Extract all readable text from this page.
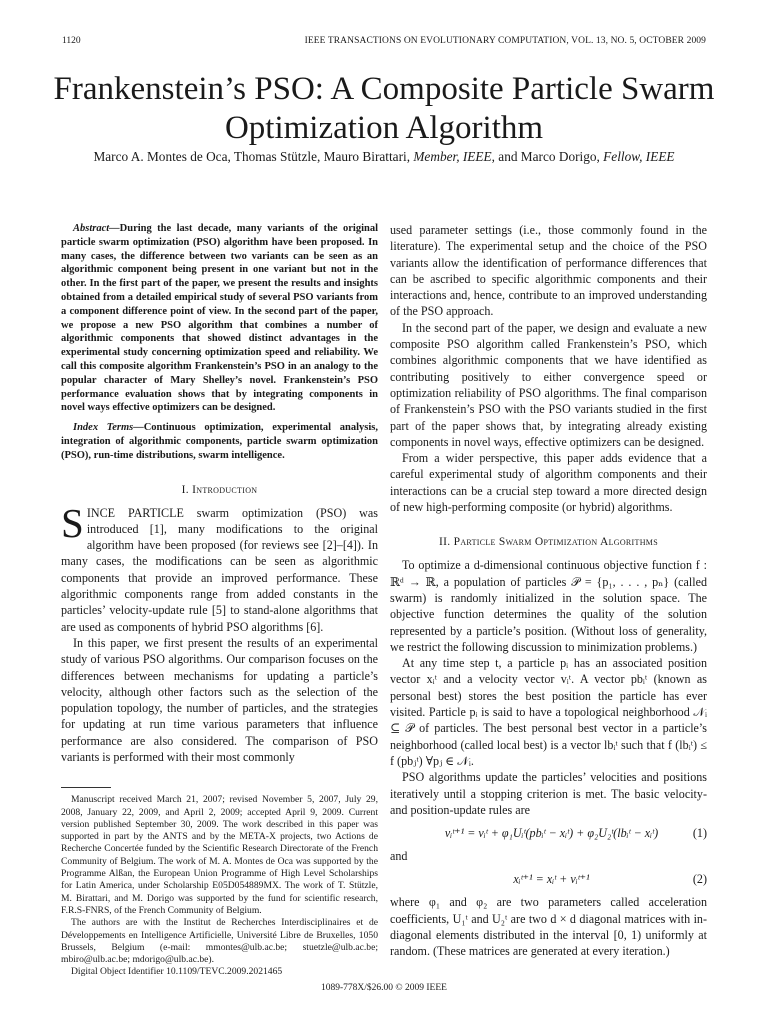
1120	IEEE TRANSACTIONS ON EVOLUTIONARY COMPUTATION, VOL. 13, NO. 5, OCTOBER 2009
Frankenstein’s PSO: A Composite Particle Swarm
Optimization Algorithm
Marco A. Montes de Oca, Thomas Stützle, Mauro Birattari, Member, IEEE, and Marco Dorigo, Fellow, IEEE

Abstract—During the last decade, many variants of the original particle swarm optimization (PSO) algorithm have been proposed. In many cases, the difference between two variants can be seen as an algorithmic component being present in one variant but not in the other. In the first part of the paper, we present the results and insights obtained from a detailed empirical study of several PSO variants from a component difference point of view. In the second part of the paper, we propose a new PSO algorithm that combines a number of algorithmic components that showed distinct advantages in the experimental study concerning optimization speed and reliability. We call this composite algorithm Frankenstein’s PSO in an analogy to the popular character of Mary Shelley’s novel. Frankenstein’s PSO performance evaluation shows that by integrating components in novel ways effective optimizers can be designed.

Index Terms—Continuous optimization, experimental analysis, integration of algorithmic components, particle swarm optimization (PSO), run-time distributions, swarm intelligence.

I. Introduction

SINCE PARTICLE swarm optimization (PSO) was introduced [1], many modifications to the original algorithm have been proposed (for reviews see [2]–[4]). In many cases, the modifications can be seen as algorithmic components that provide an improved performance. These algorithmic components range from added constants in the particles’ velocity-update rule [5] to stand-alone algorithms that are used as components of hybrid PSO algorithms [6].

In this paper, we first present the results of an experimental study of various PSO algorithms. Our comparison focuses on the differences between mechanisms for updating a particle’s velocity, although other factors such as the selection of the population topology, the number of particles, and the strategies for updating at run time various parameters that influence performance are also considered. The comparison of PSO variants is performed with their most commonly

Manuscript received March 21, 2007; revised November 5, 2007, July 29, 2008, January 22, 2009, and April 2, 2009; accepted April 9, 2009. Current version published September 30, 2009. The work described in this paper was supported in part by the ANTS and by the META-X projects, two Actions de Recherche Concertée funded by the Scientific Research Directorate of the French Community of Belgium. The work of M. A. Montes de Oca was supported by the Programme Alßan, the European Union Programme of High Level Scholarships for Latin America, under Scholarship E05D054889MX. The work of T. Stützle, M. Birattari, and M. Dorigo was supported by the fund for scientific research, F.R.S-FNRS, of the French Community of Belgium.

The authors are with the Institut de Recherches Interdisciplinaires et de Développements en Intelligence Artificielle, Université Libre de Bruxelles, 1050 Brussels, Belgium (e-mail: mmontes@ulb.ac.be; stuetzle@ulb.ac.be; mbiro@ulb.ac.be; mdorigo@ulb.ac.be).

Digital Object Identifier 10.1109/TEVC.2009.2021465

used parameter settings (i.e., those commonly found in the literature). The experimental setup and the choice of the PSO variants allow the identification of performance differences that can be ascribed to specific algorithmic components and their interactions and, hence, contribute to an improved understanding of the PSO approach.

In the second part of the paper, we design and evaluate a new composite PSO algorithm called Frankenstein’s PSO, which combines algorithmic components that we have identified as contributing positively to either convergence speed or optimization reliability of PSO algorithms. The final comparison of Frankenstein’s PSO with the PSO variants studied in the first part of the paper shows that, by integrating already existing components in novel ways, effective optimizers can be designed.

From a wider perspective, this paper adds evidence that a careful experimental study of algorithm components and their interactions can be a crucial step toward a more directed design of new high-performing composite (or hybrid) algorithms.

II. Particle Swarm Optimization Algorithms

To optimize a d-dimensional continuous objective function f : ℝᵈ → ℝ, a population of particles 𝒫 = {p₁, . . . , pₙ} (called swarm) is randomly initialized in the solution space. The objective function determines the quality of the solution represented by a particle’s position. (Without loss of generality, we restrict the following discussion to minimization problems.)

At any time step t, a particle pᵢ has an associated position vector xᵢᵗ and a velocity vector vᵢᵗ. A vector pbᵢᵗ (known as personal best) stores the best position the particle has ever visited. Particle pᵢ is said to have a topological neighborhood 𝒩ᵢ ⊆ 𝒫 of particles. The best personal best vector in a particle’s neighborhood (called local best) is a vector lbᵢᵗ such that f (lbᵢᵗ) ≤ f (pbⱼᵗ) ∀pⱼ ∈ 𝒩ᵢ.

PSO algorithms update the particles’ velocities and positions iteratively until a stopping criterion is met. The basic velocity- and position-update rules are

vᵢᵗ⁺¹ = vᵢᵗ + φ₁Uᵢᵗ(pbᵢᵗ − xᵢᵗ) + φ₂U₂ᵗ(lbᵢᵗ − xᵢᵗ)	(1)

and

xᵢᵗ⁺¹ = xᵢᵗ + vᵢᵗ⁺¹	(2)

where φ₁ and φ₂ are two parameters called acceleration coefficients, U₁ᵗ and U₂ᵗ are two d × d diagonal matrices with in-diagonal elements distributed in the interval [0, 1) uniformly at random. (These matrices are generated at every iteration.)

1089-778X/$26.00 © 2009 IEEE
